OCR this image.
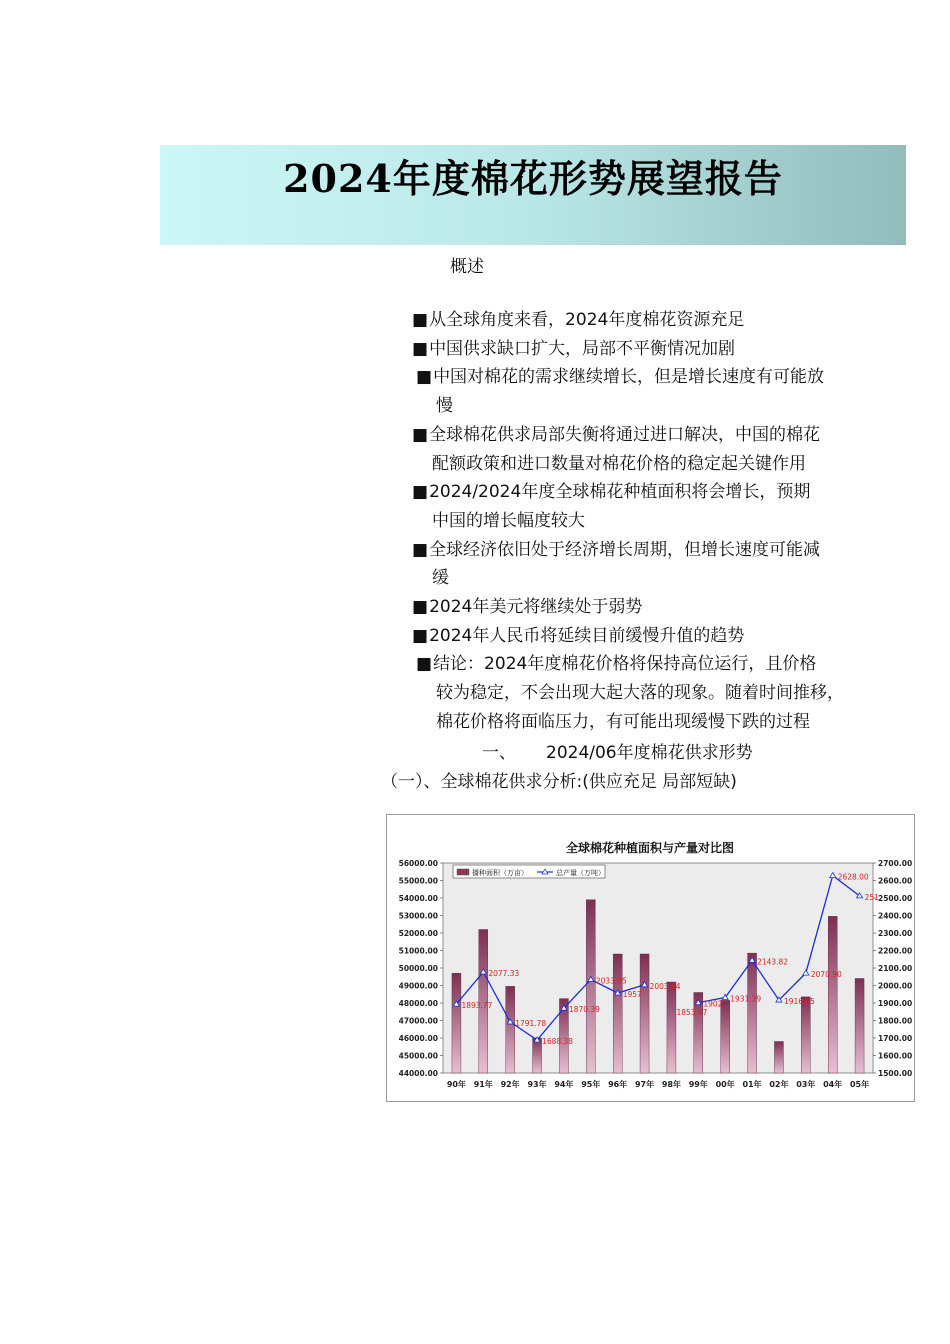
2024年度棉花形势展望报告
概述
■从全球角度来看，2024年度棉花资源充足
■中国供求缺口扩大，局部不平衡情况加剧
■中国对棉花的需求继续增长，但是增长速度有可能放
慢
■全球棉花供求局部失衡将通过进口解决，中国的棉花
配额政策和进口数量对棉花价格的稳定起关键作用
■2024/2024年度全球棉花种植面积将会增长，预期
中国的增长幅度较大
■全球经济依旧处于经济增长周期，但增长速度可能减
缓
■2024年美元将继续处于弱势
■2024年人民币将延续目前缓慢升值的趋势
■结论：2024年度棉花价格将保持高位运行，且价格
较为稳定，不会出现大起大落的现象。随着时间推移，
棉花价格将面临压力，有可能出现缓慢下跌的过程
一、 2024/06年度棉花供求形势
（一）、全球棉花供求分析:(供应充足 局部短缺)
全球棉花种植面积与产量对比图
44000.00
45000.00
46000.00
47000.00
48000.00
49000.00
50000.00
51000.00
52000.00
53000.00
54000.00
55000.00
56000.00
1500.00
1600.00
1700.00
1800.00
1900.00
2000.00
2100.00
2200.00
2300.00
2400.00
2500.00
2600.00
2700.00
90年 91年 92年 93年 94年 95年 96年 97年 98年 99年 00年 01年 02年 03年 04年 05年
1893.77
2077.33
1791.78
1688.38
1870.39
2033.95
1957
2003.84
1853.47
1902
1931.39
2143.82
1916.65
2070.90
2628.00
251
播种面积（万亩）	总产量（万吨）
